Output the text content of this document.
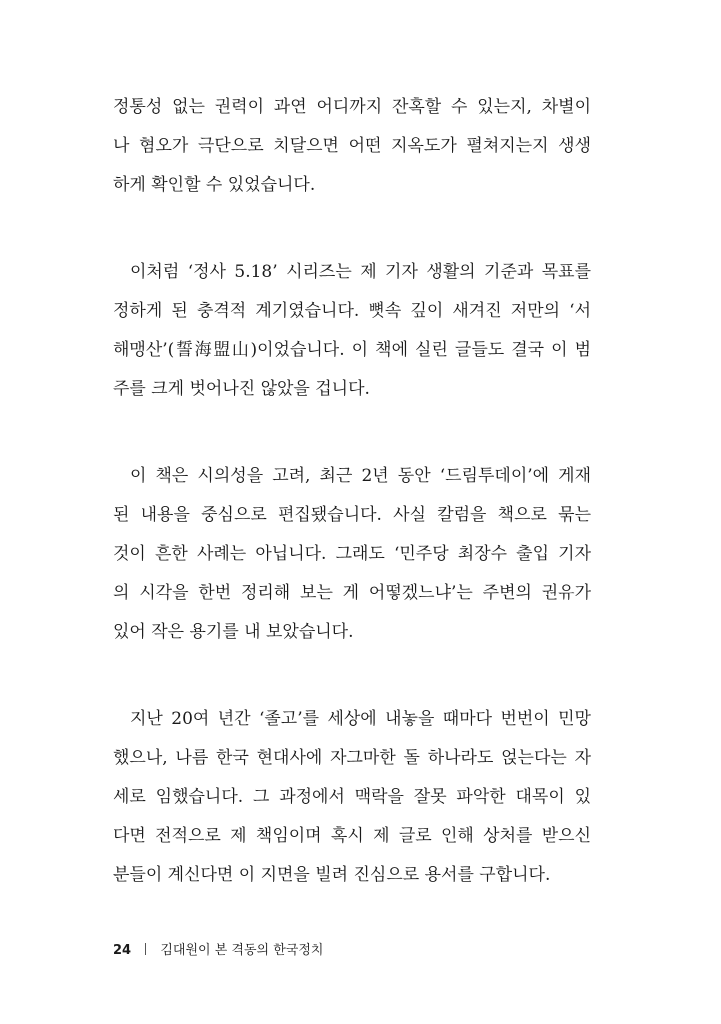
정통성 없는 권력이 과연 어디까지 잔혹할 수 있는지, 차별이
나 혐오가 극단으로 치달으면 어떤 지옥도가 펼쳐지는지 생생
하게 확인할 수 있었습니다.
이처럼 ‘정사 5.18’ 시리즈는 제 기자 생활의 기준과 목표를
정하게 된 충격적 계기였습니다. 뼛속 깊이 새겨진 저만의 ‘서
해맹산’(誓海盟山)이었습니다. 이 책에 실린 글들도 결국 이 범
주를 크게 벗어나진 않았을 겁니다.
이 책은 시의성을 고려, 최근 2년 동안 ‘드림투데이’에 게재
된 내용을 중심으로 편집됐습니다. 사실 칼럼을 책으로 묶는
것이 흔한 사례는 아닙니다. 그래도 ‘민주당 최장수 출입 기자
의 시각을 한번 정리해 보는 게 어떻겠느냐’는 주변의 권유가
있어 작은 용기를 내 보았습니다.
지난 20여 년간 ‘졸고’를 세상에 내놓을 때마다 번번이 민망
했으나, 나름 한국 현대사에 자그마한 돌 하나라도 얹는다는 자
세로 임했습니다. 그 과정에서 맥락을 잘못 파악한 대목이 있
다면 전적으로 제 책임이며 혹시 제 글로 인해 상처를 받으신
분들이 계신다면 이 지면을 빌려 진심으로 용서를 구합니다.
24 김대원이 본 격동의 한국정치
